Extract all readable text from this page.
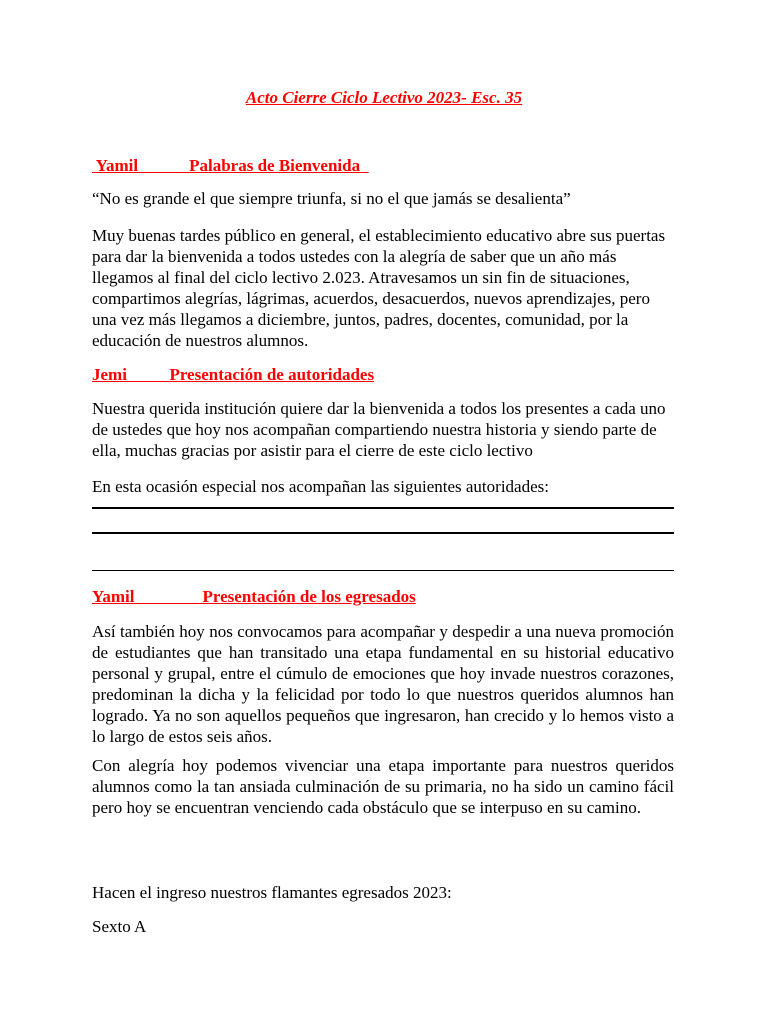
Acto Cierre Ciclo Lectivo 2023- Esc. 35
Yamil	Palabras de Bienvenida
“No es grande el que siempre triunfa, si no el que jamás se desalienta”
Muy buenas tardes público en general, el establecimiento educativo abre sus puertas para dar la bienvenida a todos ustedes con la alegría de saber que un año más llegamos al final del ciclo lectivo 2.023. Atravesamos un sin fin de situaciones, compartimos alegrías, lágrimas, acuerdos, desacuerdos, nuevos aprendizajes, pero una vez más llegamos a diciembre, juntos, padres, docentes, comunidad, por la educación de nuestros alumnos.
Jemi	Presentación de autoridades
Nuestra querida institución quiere dar la bienvenida a todos los presentes a cada uno de ustedes que hoy nos acompañan compartiendo nuestra historia y siendo parte de ella, muchas gracias por asistir para el cierre de este ciclo lectivo
En esta ocasión especial nos acompañan las siguientes autoridades:
Yamil	Presentación de los egresados
Así también hoy nos convocamos para acompañar y despedir a una nueva promoción de estudiantes que han transitado una etapa fundamental en su historial educativo personal y grupal, entre el cúmulo de emociones que hoy invade nuestros corazones, predominan la dicha y la felicidad por todo lo que nuestros queridos alumnos han logrado. Ya no son aquellos pequeños que ingresaron, han crecido y lo hemos visto a lo largo de estos seis años.
Con alegría hoy podemos vivenciar una etapa importante para nuestros queridos alumnos como la tan ansiada culminación de su primaria, no ha sido un camino fácil pero hoy se encuentran venciendo cada obstáculo que se interpuso en su camino.
Hacen el ingreso nuestros flamantes egresados 2023:
Sexto A
